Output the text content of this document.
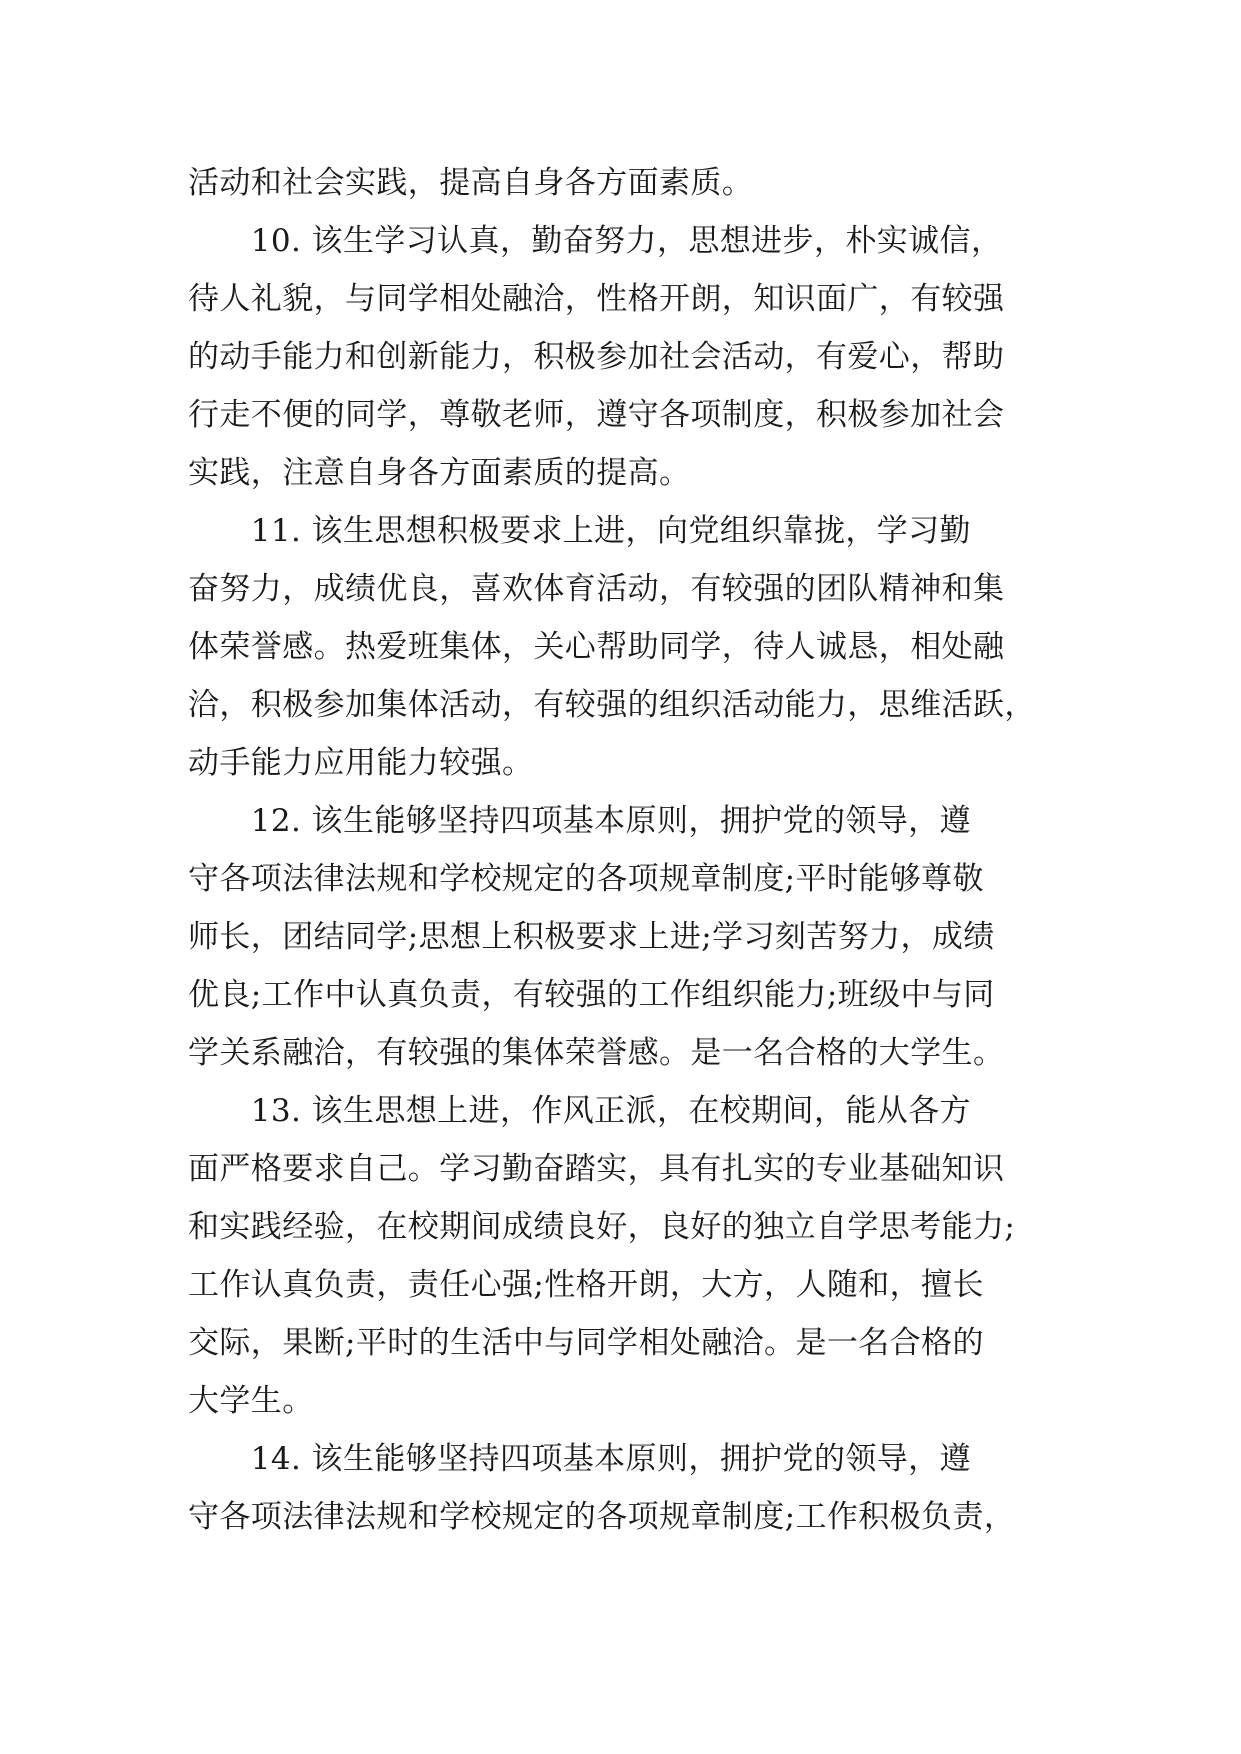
活动和社会实践，提高自身各方面素质。
　　10. 该生学习认真，勤奋努力，思想进步，朴实诚信，
待人礼貌，与同学相处融洽，性格开朗，知识面广，有较强
的动手能力和创新能力，积极参加社会活动，有爱心，帮助
行走不便的同学，尊敬老师，遵守各项制度，积极参加社会
实践，注意自身各方面素质的提高。
　　11. 该生思想积极要求上进，向党组织靠拢，学习勤
奋努力，成绩优良，喜欢体育活动，有较强的团队精神和集
体荣誉感。热爱班集体，关心帮助同学，待人诚恳，相处融
洽，积极参加集体活动，有较强的组织活动能力，思维活跃，
动手能力应用能力较强。
　　12. 该生能够坚持四项基本原则，拥护党的领导，遵
守各项法律法规和学校规定的各项规章制度;平时能够尊敬
师长，团结同学;思想上积极要求上进;学习刻苦努力，成绩
优良;工作中认真负责，有较强的工作组织能力;班级中与同
学关系融洽，有较强的集体荣誉感。是一名合格的大学生。
　　13. 该生思想上进，作风正派，在校期间，能从各方
面严格要求自己。学习勤奋踏实，具有扎实的专业基础知识
和实践经验，在校期间成绩良好，良好的独立自学思考能力;
工作认真负责，责任心强;性格开朗，大方，人随和，擅长
交际，果断;平时的生活中与同学相处融洽。是一名合格的
大学生。
　　14. 该生能够坚持四项基本原则，拥护党的领导，遵
守各项法律法规和学校规定的各项规章制度;工作积极负责，
